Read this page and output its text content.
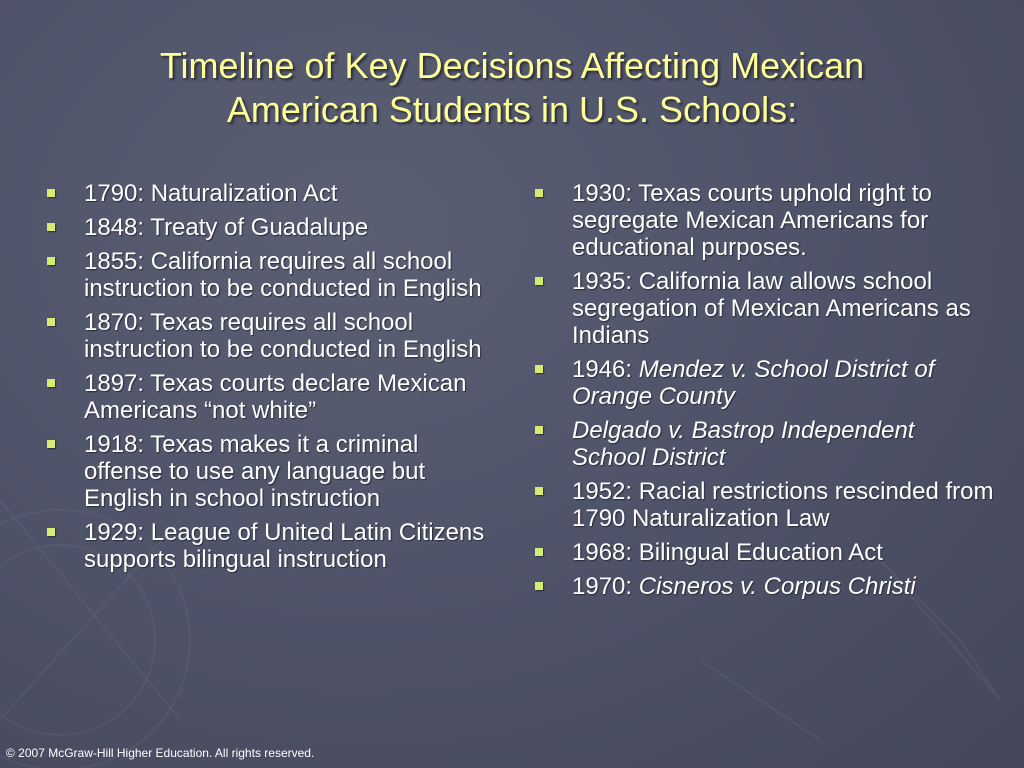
Timeline of Key Decisions Affecting Mexican
American Students in U.S. Schools:
1790: Naturalization Act
1848: Treaty of Guadalupe
1855: California requires all school instruction to be conducted in English
1870: Texas requires all school instruction to be conducted in English
1897: Texas courts declare Mexican Americans “not white”
1918: Texas makes it a criminal offense to use any language but English in school instruction
1929: League of United Latin Citizens supports bilingual instruction
1930: Texas courts uphold right to segregate Mexican Americans for educational purposes.
1935: California law allows school segregation of Mexican Americans as Indians
1946: Mendez v. School District of Orange County
Delgado v. Bastrop Independent School District
1952: Racial restrictions rescinded from 1790 Naturalization Law
1968: Bilingual Education Act
1970: Cisneros v. Corpus Christi
© 2007 McGraw-Hill Higher Education. All rights reserved.
